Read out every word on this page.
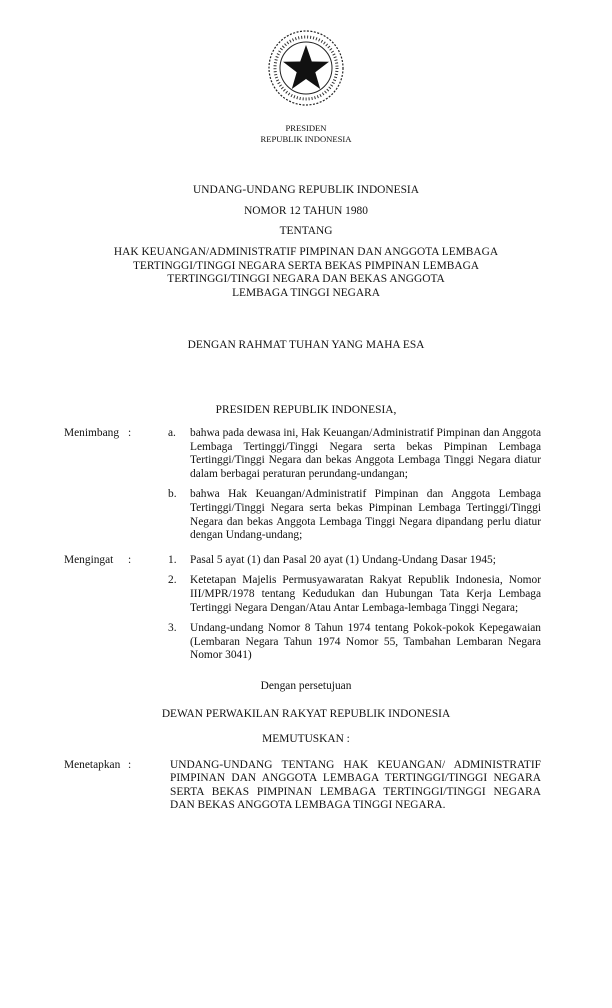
PRESIDEN
REPUBLIK INDONESIA
UNDANG-UNDANG REPUBLIK INDONESIA
NOMOR 12 TAHUN 1980
TENTANG
HAK KEUANGAN/ADMINISTRATIF PIMPINAN DAN ANGGOTA LEMBAGA
TERTINGGI/TINGGI NEGARA SERTA BEKAS PIMPINAN LEMBAGA
TERTINGGI/TINGGI NEGARA DAN BEKAS ANGGOTA
LEMBAGA TINGGI NEGARA
DENGAN RAHMAT TUHAN YANG MAHA ESA
PRESIDEN REPUBLIK INDONESIA,
Menimbang :	a.	bahwa pada dewasa ini, Hak Keuangan/Administratif Pimpinan dan Anggota Lembaga Tertinggi/Tinggi Negara serta bekas Pimpinan Lembaga Tertinggi/Tinggi Negara dan bekas Anggota Lembaga Tinggi Negara diatur dalam berbagai peraturan perundang-undangan;
b.	bahwa Hak Keuangan/Administratif Pimpinan dan Anggota Lembaga Tertinggi/Tinggi Negara serta bekas Pimpinan Lembaga Tertinggi/Tinggi Negara dan bekas Anggota Lembaga Tinggi Negara dipandang perlu diatur dengan Undang-undang;
Mengingat	:	1.	Pasal 5 ayat (1) dan Pasal 20 ayat (1) Undang-Undang Dasar 1945;
2.	Ketetapan Majelis Permusyawaratan Rakyat Republik Indonesia, Nomor III/MPR/1978 tentang Kedudukan dan Hubungan Tata Kerja Lembaga Tertinggi Negara Dengan/Atau Antar Lembaga-lembaga Tinggi Negara;
3.	Undang-undang Nomor 8 Tahun 1974 tentang Pokok-pokok Kepegawaian (Lembaran Negara Tahun 1974 Nomor 55, Tambahan Lembaran Negara Nomor 3041)
Dengan persetujuan
DEWAN PERWAKILAN RAKYAT REPUBLIK INDONESIA
MEMUTUSKAN :
Menetapkan :	UNDANG-UNDANG TENTANG HAK KEUANGAN/ ADMINISTRATIF PIMPINAN DAN ANGGOTA LEMBAGA TERTINGGI/TINGGI NEGARA SERTA BEKAS PIMPINAN LEMBAGA TERTINGGI/TINGGI NEGARA DAN BEKAS ANGGOTA LEMBAGA TINGGI NEGARA.
